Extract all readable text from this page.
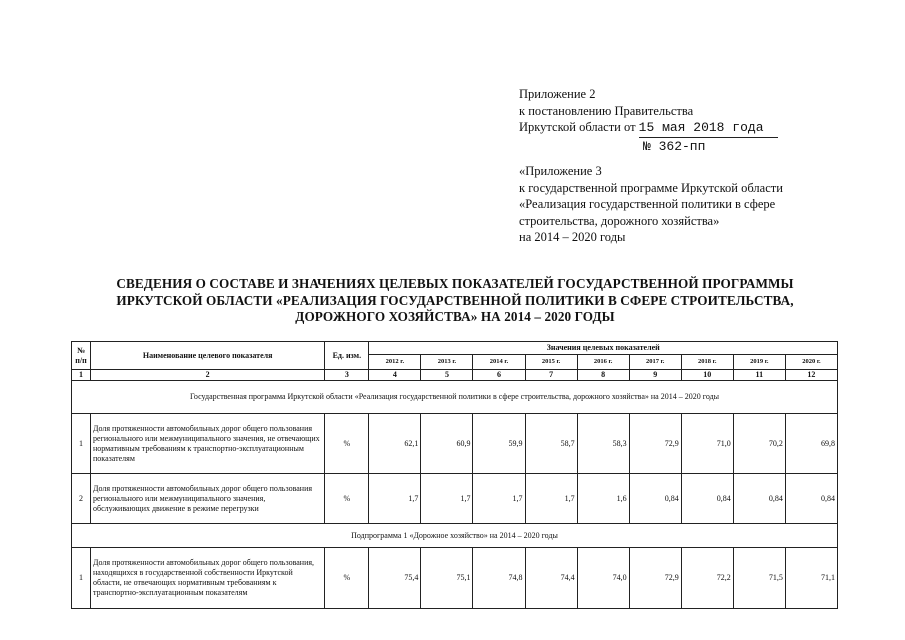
Приложение 2
к постановлению Правительства
Иркутской области от 15 мая 2018 года
№ 362-пп
«Приложение 3
к государственной программе Иркутской области
«Реализация государственной политики в сфере
строительства, дорожного хозяйства»
на 2014 – 2020 годы
СВЕДЕНИЯ О СОСТАВЕ И ЗНАЧЕНИЯХ ЦЕЛЕВЫХ ПОКАЗАТЕЛЕЙ ГОСУДАРСТВЕННОЙ ПРОГРАММЫ
ИРКУТСКОЙ ОБЛАСТИ «РЕАЛИЗАЦИЯ ГОСУДАРСТВЕННОЙ ПОЛИТИКИ В СФЕРЕ СТРОИТЕЛЬСТВА,
ДОРОЖНОГО ХОЗЯЙСТВА» НА 2014 – 2020 ГОДЫ
№ п/п	Наименование целевого показателя	Ед. изм.	Значения целевых показателей								
			2012 г.	2013 г.	2014 г.	2015 г.	2016 г.	2017 г.	2018 г.	2019 г.	2020 г.
1	2	3	4	5	6	7	8	9	10	11	12
Государственная программа Иркутской области «Реализация государственной политики в сфере строительства, дорожного хозяйства» на 2014 – 2020 годы											
1	Доля протяженности автомобильных дорог общего пользования регионального или межмуниципального значения, не отвечающих нормативным требованиям к транспортно-эксплуатационным показателям	%	62,1	60,9	59,9	58,7	58,3	72,9	71,0	70,2	69,8
2	Доля протяженности автомобильных дорог общего пользования регионального или межмуниципального значения, обслуживающих движение в режиме перегрузки	%	1,7	1,7	1,7	1,7	1,6	0,84	0,84	0,84	0,84
Подпрограмма 1 «Дорожное хозяйство» на 2014 – 2020 годы											
1	Доля протяженности автомобильных дорог общего пользования, находящихся в государственной собственности Иркутской области, не отвечающих нормативным требованиям к транспортно-эксплуатационным показателям	%	75,4	75,1	74,8	74,4	74,0	72,9	72,2	71,5	71,1
